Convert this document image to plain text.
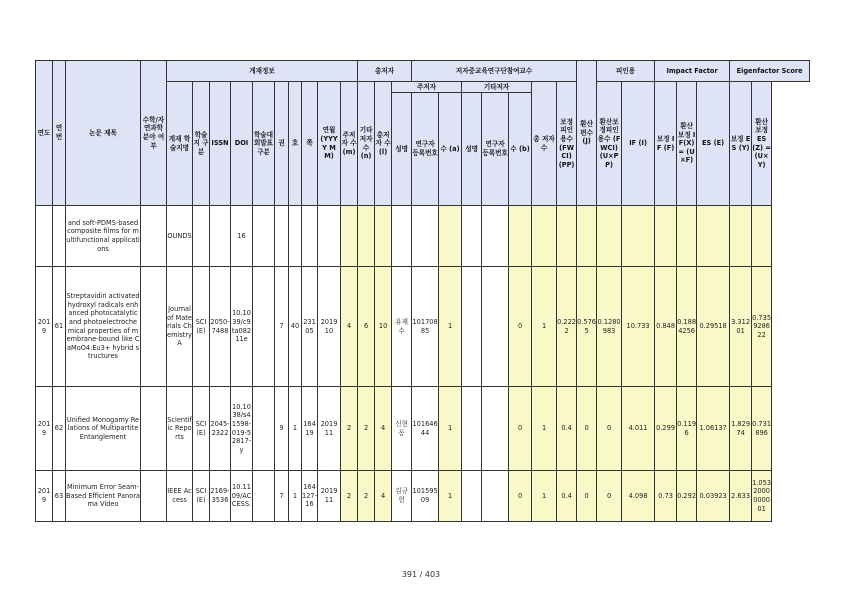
연도	연번	논문 제목	수학/자연과학 분야 여부	게재정보										총저자			저자중교육연구단참여교수							환산 편수 (J)	피인용		Impact Factor			Eigenfactor Score	
				게재 학술지명	학술지 구분	ISSN	DOI	학술대 회발표 구분	권	호	쪽	연월 (YYYY MM)	주저자 수 (m)	기타저자 수 (n)	총저자 수 (l)	주저자			기타저자			총 저자 수	보정 피인용수 (FWCI) (PP)		환산보정피인용수 (FWCI) (U×PP)	IF (I)	보정 IF (F)	환산 보정 IF(X) = (U×F)	ES (E)	보정 ES (Y)	환산 보정 ES(Z) =(U×Y)
																성명	연구자 등록번호	수 (a)	성명	연구자 등록번호	수 (b)										
		and soft-PDMS-based composite films for multifunctional applications		OUNDS			16																								
2019	61	Streptavidin activated hydroxyl radicals enhanced photocatalytic and photoelectrochemical properties of membrane-bound like CaMoO4:Eu3+ hybrid structures		Journal of Materials Chemistry A	SCI(E)	2050-7488	10.1039/c9ta08211e		7	40	23105	2019 10	4	6	10	유재수	10170885	1			0	1	0.2222	0.5765	0.1280983	10.733	0.848	0.1884256	0.29518	3.31201	0.735928622
2019	62	Unified Monogamy Relations of Multipartite Entanglement		Scientific Reports	SCI(E)	2045-2322	10.1038/s41598-019-52817-y		9	1	16419	2019 11	2	2	4	신현동	10164644	1			0	1	0.4	0	0	4.011	0.299	0.1196	1.06137	1.82974	0.731896
2019	63	Minimum Error Seam-Based Efficient Panorama Video		IEEE Access	SCI(E)	2169-3536	10.1109/ACCESS.		7	1	164127-16	2019 11	2	2	4	김규헌	10159509	1			0	1	0.4	0	0	4.098	0.73	0.292	0.03923	2.633	1.0532000000001
391 / 403
